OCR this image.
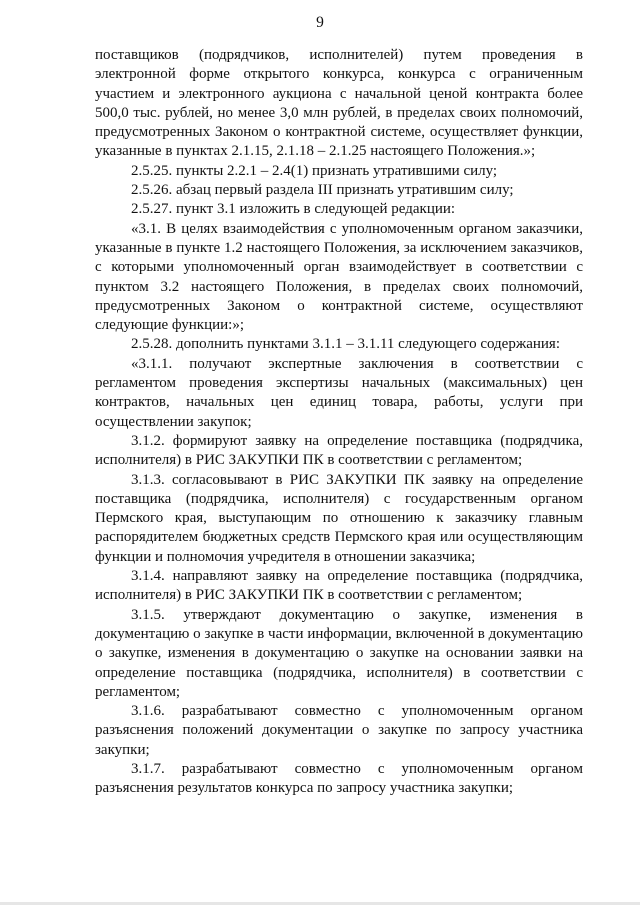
9

поставщиков (подрядчиков, исполнителей) путем проведения в электронной форме открытого конкурса, конкурса с ограниченным участием и электронного аукциона с начальной ценой контракта более 500,0 тыс. рублей, но менее 3,0 млн рублей, в пределах своих полномочий, предусмотренных Законом о контрактной системе, осуществляет функции, указанные в пунктах 2.1.15, 2.1.18 – 2.1.25 настоящего Положения.»;

2.5.25. пункты 2.2.1 – 2.4(1) признать утратившими силу;

2.5.26. абзац первый раздела III признать утратившим силу;

2.5.27. пункт 3.1 изложить в следующей редакции:

«3.1. В целях взаимодействия с уполномоченным органом заказчики, указанные в пункте 1.2 настоящего Положения, за исключением заказчиков, с которыми уполномоченный орган взаимодействует в соответствии с пунктом 3.2 настоящего Положения, в пределах своих полномочий, предусмотренных Законом о контрактной системе, осуществляют следующие функции:»;

2.5.28. дополнить пунктами 3.1.1 – 3.1.11 следующего содержания:

«3.1.1. получают экспертные заключения в соответствии с регламентом проведения экспертизы начальных (максимальных) цен контрактов, начальных цен единиц товара, работы, услуги при осуществлении закупок;

3.1.2. формируют заявку на определение поставщика (подрядчика, исполнителя) в РИС ЗАКУПКИ ПК в соответствии с регламентом;

3.1.3. согласовывают в РИС ЗАКУПКИ ПК заявку на определение поставщика (подрядчика, исполнителя) с государственным органом Пермского края, выступающим по отношению к заказчику главным распорядителем бюджетных средств Пермского края или осуществляющим функции и полномочия учредителя в отношении заказчика;

3.1.4. направляют заявку на определение поставщика (подрядчика, исполнителя) в РИС ЗАКУПКИ ПК в соответствии с регламентом;

3.1.5. утверждают документацию о закупке, изменения в документацию о закупке в части информации, включенной в документацию о закупке, изменения в документацию о закупке на основании заявки на определение поставщика (подрядчика, исполнителя) в соответствии с регламентом;

3.1.6. разрабатывают совместно с уполномоченным органом разъяснения положений документации о закупке по запросу участника закупки;

3.1.7. разрабатывают совместно с уполномоченным органом разъяснения результатов конкурса по запросу участника закупки;
